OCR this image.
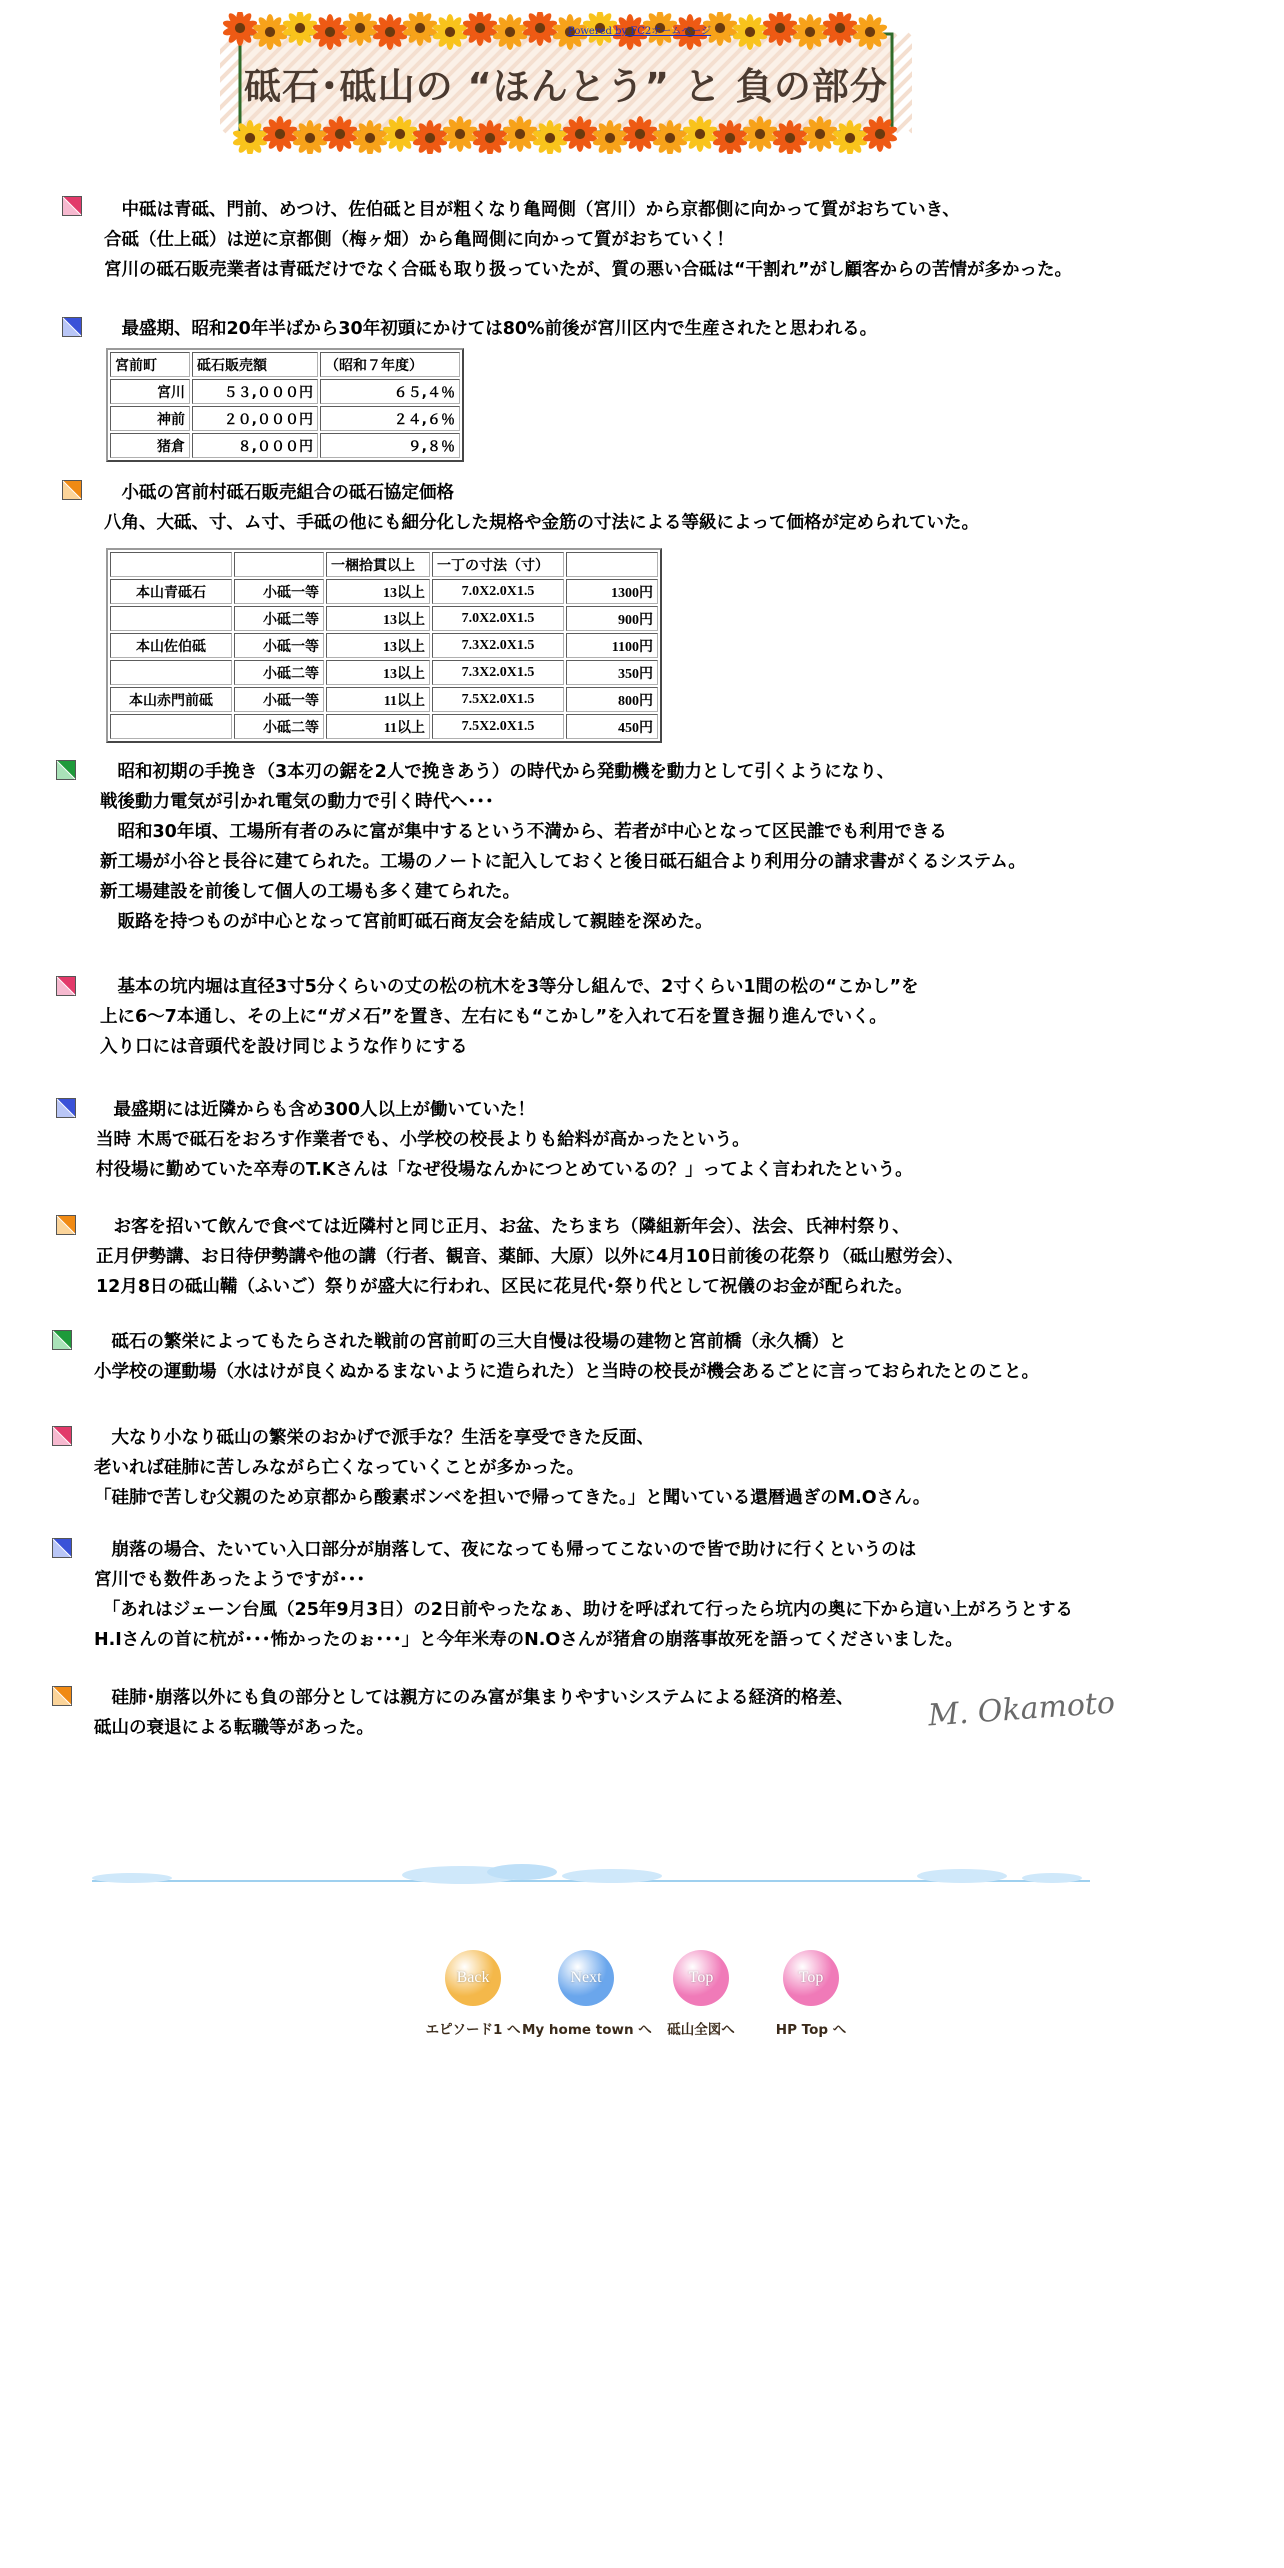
Powered by FC2ホームページ
砥石･砥山の “ほんとう” と 負の部分
　中砥は青砥、門前、めつけ、佐伯砥と目が粗くなり亀岡側（宮川）から京都側に向かって質がおちていき、
合砥（仕上砥）は逆に京都側（梅ヶ畑）から亀岡側に向かって質がおちていく！
宮川の砥石販売業者は青砥だけでなく合砥も取り扱っていたが、質の悪い合砥は“干割れ”がし顧客からの苦情が多かった。
　最盛期、昭和20年半ばから30年初頭にかけては80%前後が宮川区内で生産されたと思われる。
宮前町	砥石販売額	（昭和７年度）
宮川	５３,０００円	６５,４％
神前	２０,０００円	２４,６％
猪倉	８,０００円	９,８％
　小砥の宮前村砥石販売組合の砥石協定価格
八角、大砥、寸、ム寸、手砥の他にも細分化した規格や金筋の寸法による等級によって価格が定められていた。
		一梱拾貫以上	一丁の寸法（寸）	
本山青砥石	小砥一等	13以上	7.0X2.0X1.5	1300円
	小砥二等	13以上	7.0X2.0X1.5	900円
本山佐伯砥	小砥一等	13以上	7.3X2.0X1.5	1100円
	小砥二等	13以上	7.3X2.0X1.5	350円
本山赤門前砥	小砥一等	11以上	7.5X2.0X1.5	800円
	小砥二等	11以上	7.5X2.0X1.5	450円
　昭和初期の手挽き（3本刃の鋸を2人で挽きあう）の時代から発動機を動力として引くようになり、
戦後動力電気が引かれ電気の動力で引く時代へ･･･
　昭和30年頃、工場所有者のみに富が集中するという不満から、若者が中心となって区民誰でも利用できる
新工場が小谷と長谷に建てられた。工場のノートに記入しておくと後日砥石組合より利用分の請求書がくるシステム。
新工場建設を前後して個人の工場も多く建てられた。
　販路を持つものが中心となって宮前町砥石商友会を結成して親睦を深めた。
　基本の坑内堀は直径3寸5分くらいの丈の松の杭木を3等分し組んで、2寸くらい1間の松の“こかし”を
上に6～7本通し、その上に“ガメ石”を置き、左右にも“こかし”を入れて石を置き掘り進んでいく。
入り口には音頭代を設け同じような作りにする
　最盛期には近隣からも含め300人以上が働いていた！
当時 木馬で砥石をおろす作業者でも、小学校の校長よりも給料が高かったという。
村役場に勤めていた卒寿のT.Kさんは「なぜ役場なんかにつとめているの？」ってよく言われたという。
　お客を招いて飲んで食べては近隣村と同じ正月、お盆、たちまち（隣組新年会）、法会、氏神村祭り、
正月伊勢講、お日待伊勢講や他の講（行者、観音、薬師、大原）以外に4月10日前後の花祭り（砥山慰労会）、
12月8日の砥山鞴（ふいご）祭りが盛大に行われ、区民に花見代･祭り代として祝儀のお金が配られた。
　砥石の繁栄によってもたらされた戦前の宮前町の三大自慢は役場の建物と宮前橋（永久橋）と
小学校の運動場（水はけが良くぬかるまないように造られた）と当時の校長が機会あるごとに言っておられたとのこと。
　大なり小なり砥山の繁栄のおかげで派手な？生活を享受できた反面、
老いれば硅肺に苦しみながら亡くなっていくことが多かった。
「硅肺で苦しむ父親のため京都から酸素ボンベを担いで帰ってきた。」と聞いている還暦過ぎのM.Oさん。
　崩落の場合、たいてい入口部分が崩落して、夜になっても帰ってこないので皆で助けに行くというのは
宮川でも数件あったようですが･･･
　「あれはジェーン台風（25年9月3日）の2日前やったなぁ、助けを呼ばれて行ったら坑内の奥に下から這い上がろうとする
H.Iさんの首に杭が･･･怖かったのぉ･･･」と今年米寿のN.Oさんが猪倉の崩落事故死を語ってくださいました。
　硅肺･崩落以外にも負の部分としては親方にのみ富が集まりやすいシステムによる経済的格差、
砥山の衰退による転職等があった。	M. Okamoto
Back
エピソード1 へ
Next
My home town へ
Top
砥山全図へ
Top
HP Top へ
